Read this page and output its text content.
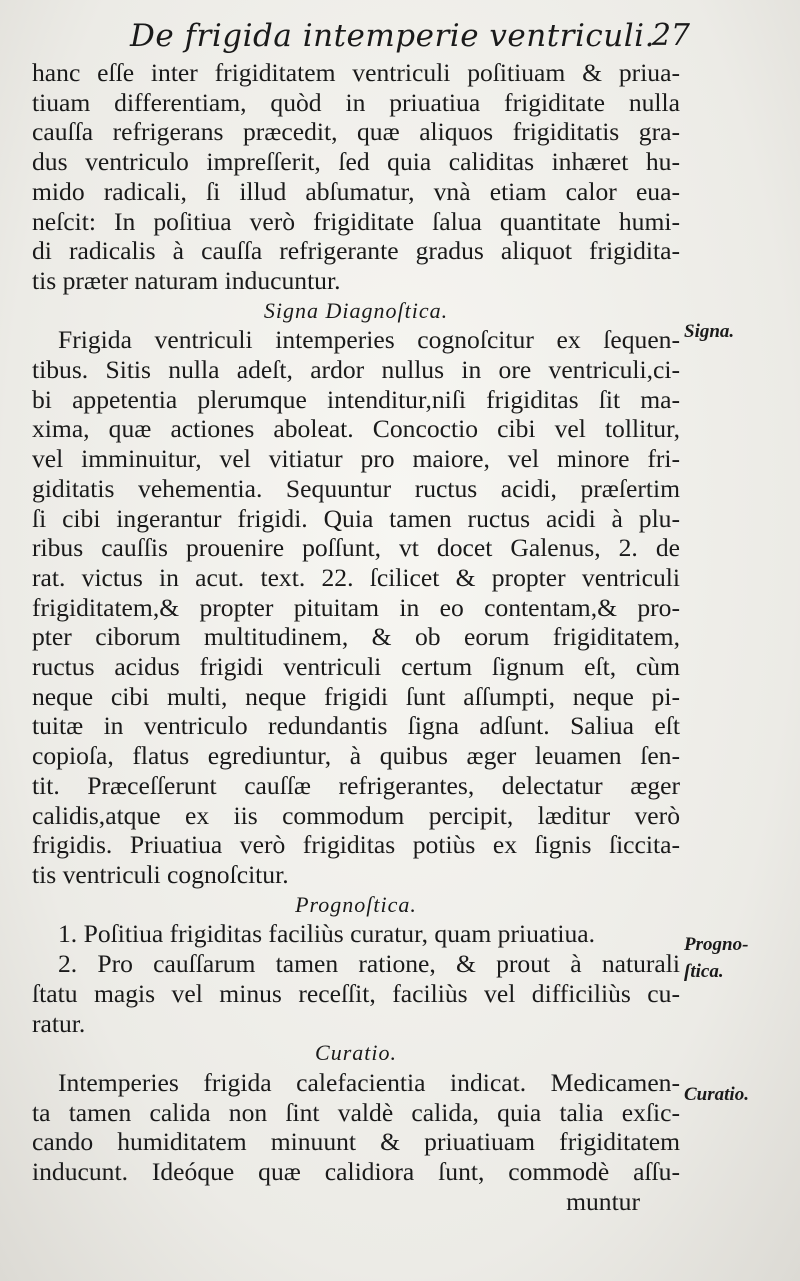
De frigida intemperie ventriculi.
27

hanc eſſe inter frigiditatem ventriculi poſitiuam & priua-
tiuam differentiam, quòd in priuatiua frigiditate nulla
cauſſa refrigerans præcedit, quæ aliquos frigiditatis gra-
dus ventriculo impreſſerit, ſed quia caliditas inhæret hu-
mido radicali, ſi illud abſumatur, vnà etiam calor eua-
neſcit: In poſitiua verò frigiditate ſalua quantitate humi-
di radicalis à cauſſa refrigerante gradus aliquot frigidita-
tis præter naturam inducuntur.

Signa Diagnoſtica.

Frigida ventriculi intemperies cognoſcitur ex ſequen-
tibus. Sitis nulla adeſt, ardor nullus in ore ventriculi,ci-
bi appetentia plerumque intenditur,niſi frigiditas ſit ma-
xima, quæ actiones aboleat. Concoctio cibi vel tollitur,
vel imminuitur, vel vitiatur pro maiore, vel minore fri-
giditatis vehementia. Sequuntur ructus acidi, præſertim
ſi cibi ingerantur frigidi. Quia tamen ructus acidi à plu-
ribus cauſſis prouenire poſſunt, vt docet Galenus, 2. de
rat. victus in acut. text. 22. ſcilicet & propter ventriculi
frigiditatem,& propter pituitam in eo contentam,& pro-
pter ciborum multitudinem, & ob eorum frigiditatem,
ructus acidus frigidi ventriculi certum ſignum eſt, cùm
neque cibi multi, neque frigidi ſunt aſſumpti, neque pi-
tuitæ in ventriculo redundantis ſigna adſunt. Saliua eſt
copioſa, flatus egrediuntur, à quibus æger leuamen ſen-
tit. Præceſſerunt cauſſæ refrigerantes, delectatur æger
calidis,atque ex iis commodum percipit, læditur verò
frigidis. Priuatiua verò frigiditas potiùs ex ſignis ſiccita-
tis ventriculi cognoſcitur.

Prognoſtica.

1. Poſitiua frigiditas faciliùs curatur, quam priuatiua.
2. Pro cauſſarum tamen ratione, & prout à naturali
ſtatu magis vel minus receſſit, faciliùs vel difficiliùs cu-
ratur.

Curatio.

Intemperies frigida calefacientia indicat. Medicamen-
ta tamen calida non ſint valdè calida, quia talia exſic-
cando humiditatem minuunt & priuatiuam frigiditatem
inducunt. Ideóque quæ calidiora ſunt, commodè aſſu-

muntur
Signa.
Progno-
ſtica.
Curatio.
